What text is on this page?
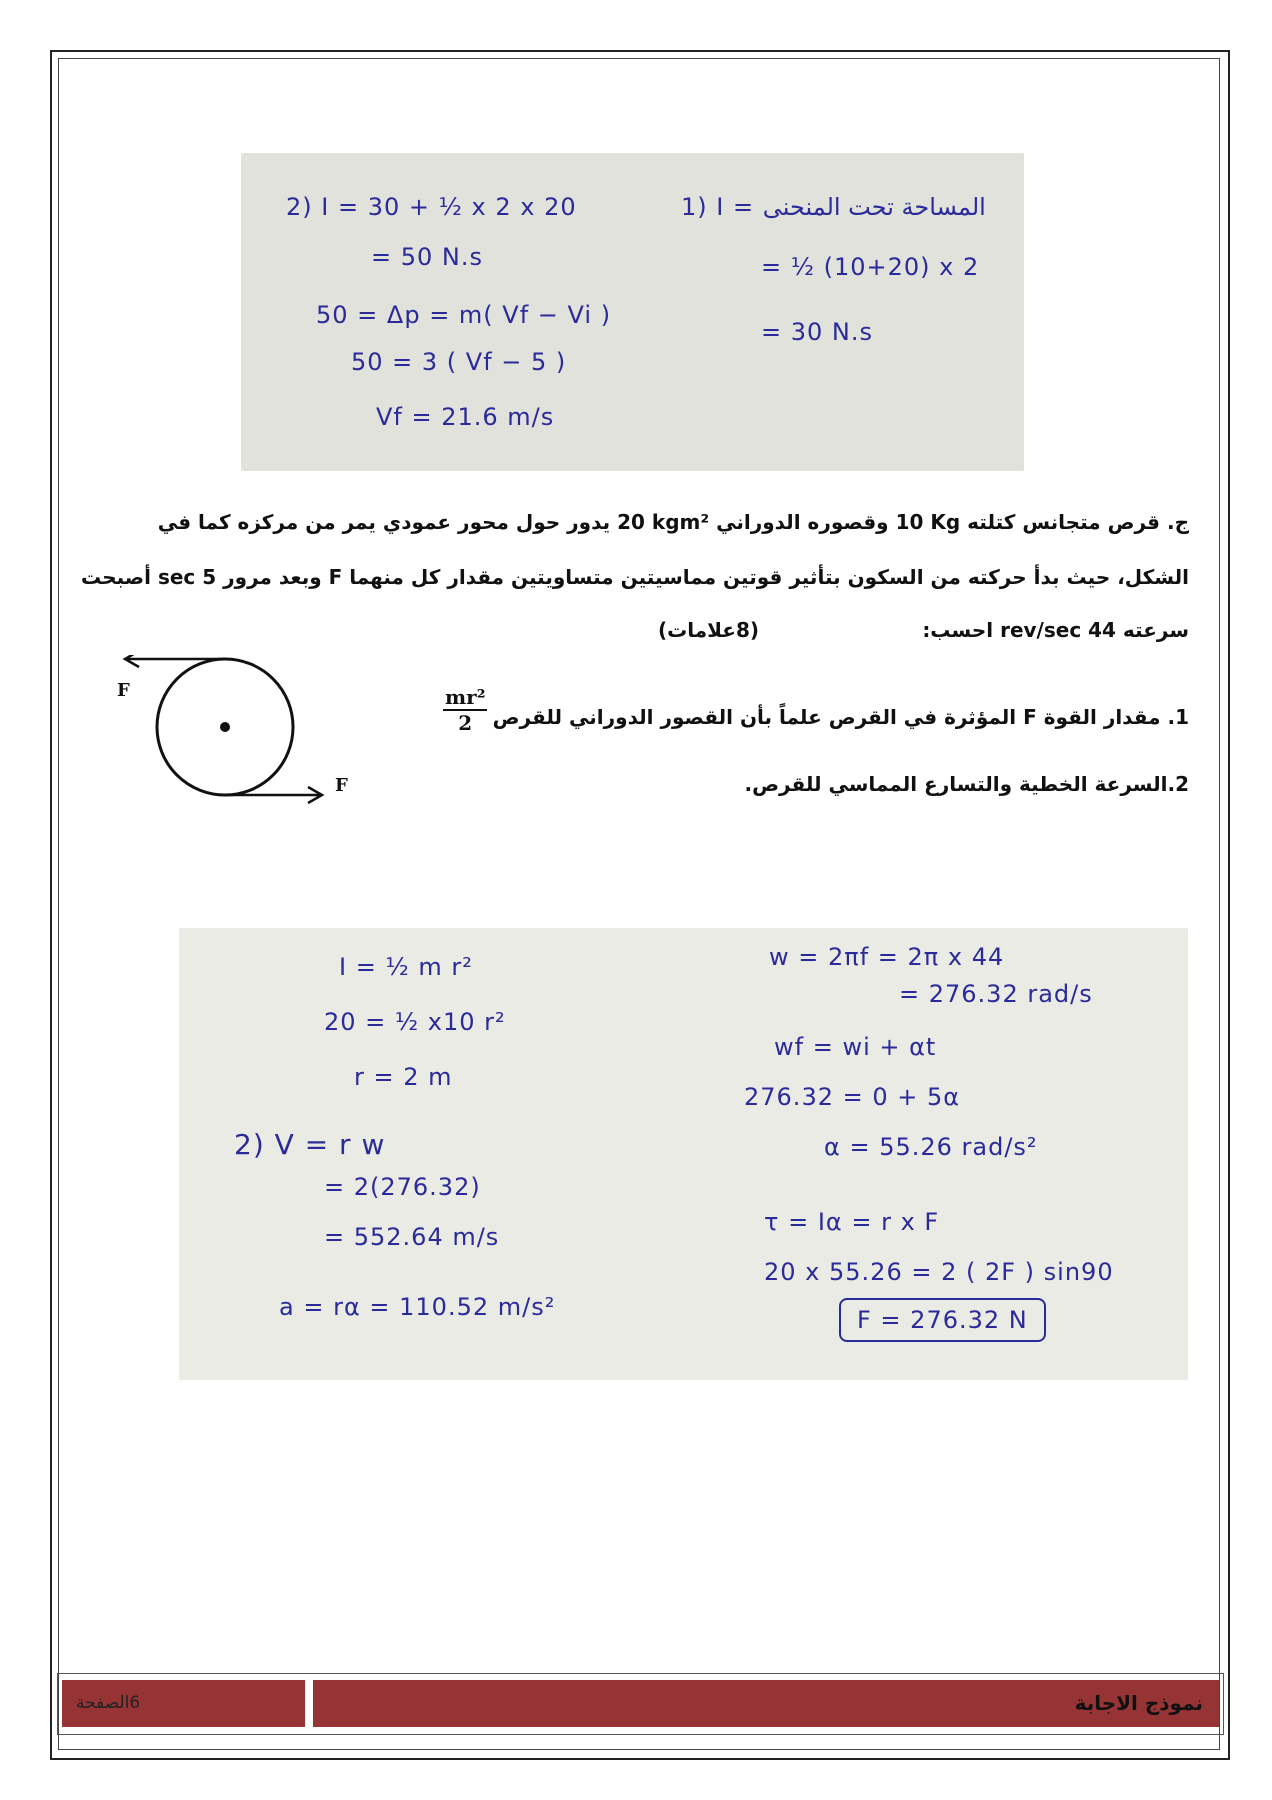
1) I = المساحة تحت المنحنى
= ½ (10+20) x 2
= 30 N.s
2) I = 30 + ½ x 2 x 20
= 50 N.s
50 = Δp = m( Vf − Vi )
50 = 3 ( Vf − 5 )
Vf = 21.6 m/s
ج. قرص متجانس كتلته 10 Kg وقصوره الدوراني 20 kgm² يدور حول محور عمودي يمر من مركزه كما في
الشكل، حيث بدأ حركته من السكون بتأثير قوتين مماسيتين متساويتين مقدار كل منهما F وبعد مرور 5 sec أصبحت
سرعته rev/sec 44 احسب:
(8علامات)
1. مقدار القوة F المؤثرة في القرص علماً بأن القصور الدوراني للقرص
$\frac{\text{mr²}}{2}$
2.السرعة الخطية والتسارع المماسي للقرص.
F
F
I = ½ m r²
20 = ½ x10 r²
r = 2 m
2) V = r w
= 2(276.32)
= 552.64 m/s
a = rα = 110.52 m/s²
w = 2πf = 2π x 44
= 276.32 rad/s
wf = wi + αt
276.32 = 0 + 5α
α = 55.26 rad/s²
τ = Iα = r x F
20 x 55.26 = 2 ( 2F ) sin90
F = 276.32 N
6الصفحة	نموذج الاجابة
